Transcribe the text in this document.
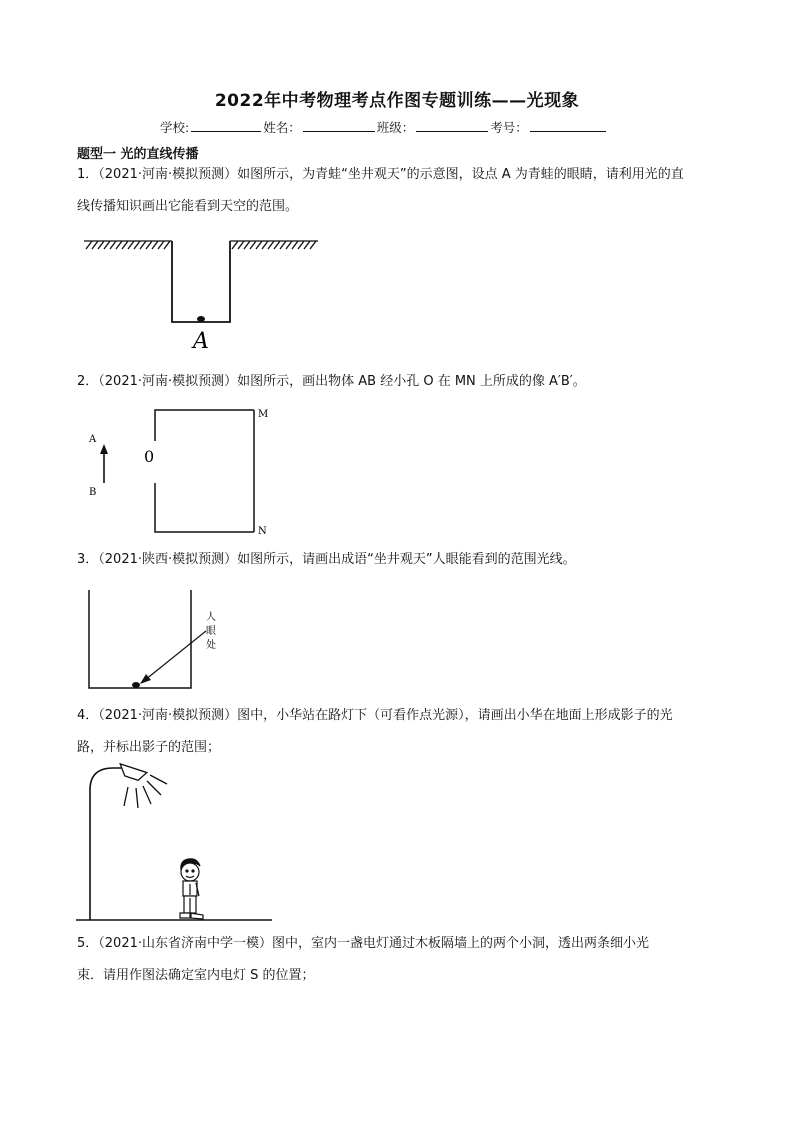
2022年中考物理考点作图专题训练——光现象
学校:	姓名：	班级：	考号：
题型一 光的直线传播

1．（2021·河南·模拟预测）如图所示，为青蛙“坐井观天”的示意图，设点 A 为青蛙的眼睛，请利用光的直

线传播知识画出它能看到天空的范围。

A

2．（2021·河南·模拟预测）如图所示，画出物体 AB 经小孔 O 在 MN 上所成的像 A′B′。

A
B
0
M
N

3．（2021·陕西·模拟预测）如图所示，请画出成语“坐井观天”人眼能看到的范围光线。

人
眼
处

4．（2021·河南·模拟预测）图中，小华站在路灯下（可看作点光源），请画出小华在地面上形成影子的光

路，并标出影子的范围；

5．（2021·山东省济南中学一模）图中，室内一盏电灯通过木板隔墙上的两个小洞，透出两条细小光

束．请用作图法确定室内电灯 S 的位置；
